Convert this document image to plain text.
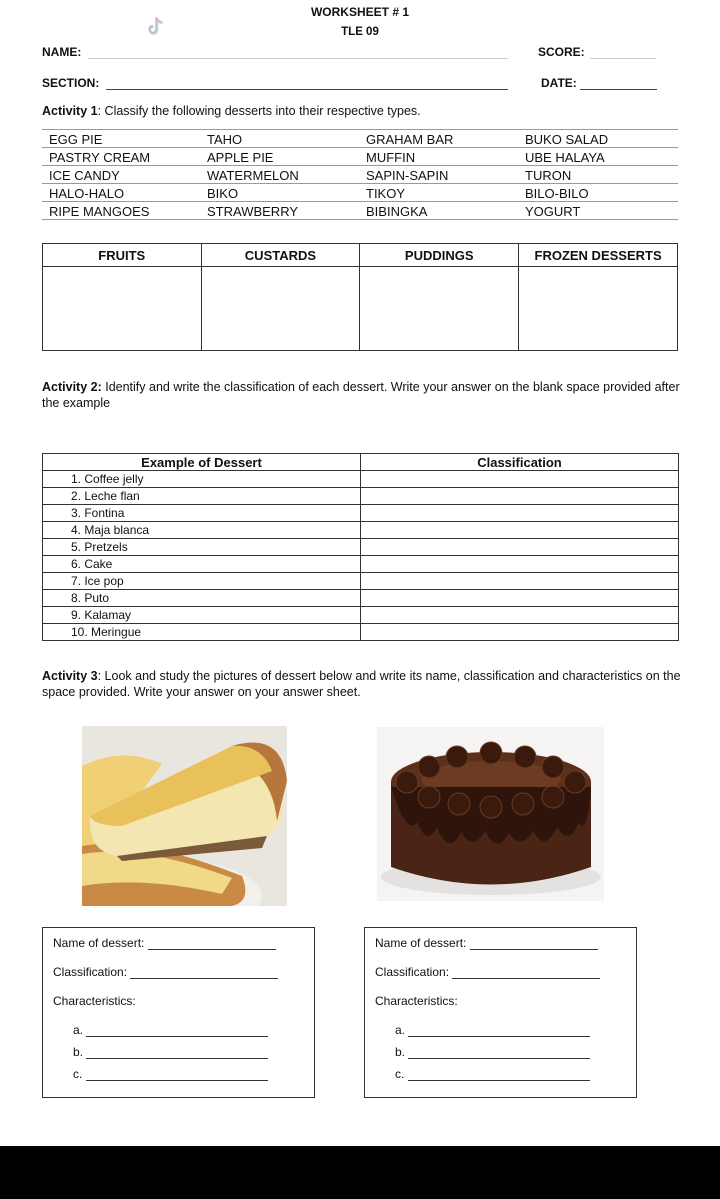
WORKSHEET # 1
TLE 09
NAME:	SCORE:
SECTION:	DATE:
Activity 1: Classify the following desserts into their respective types.
EGG PIE	TAHO	GRAHAM BAR	BUKO SALAD
PASTRY CREAM	APPLE PIE	MUFFIN	UBE HALAYA
ICE CANDY	WATERMELON	SAPIN-SAPIN	TURON
HALO-HALO	BIKO	TIKOY	BILO-BILO
RIPE MANGOES	STRAWBERRY	BIBINGKA	YOGURT
FRUITS	CUSTARDS	PUDDINGS	FROZEN DESSERTS

Activity 2: Identify and write the classification of each dessert. Write your answer on the blank space provided after the example
Example of Dessert	Classification
1. Coffee jelly	
2. Leche flan	
3. Fontina	
4. Maja blanca	
5. Pretzels	
6. Cake	
7. Ice pop	
8. Puto	
9. Kalamay	
10. Meringue	
Activity 3: Look and study the pictures of dessert below and write its name, classification and characteristics on the space provided. Write your answer on your answer sheet.
Name of dessert:
Classification:
Characteristics:
a.
b.
c.
Name of dessert:
Classification:
Characteristics:
a.
b.
c.
